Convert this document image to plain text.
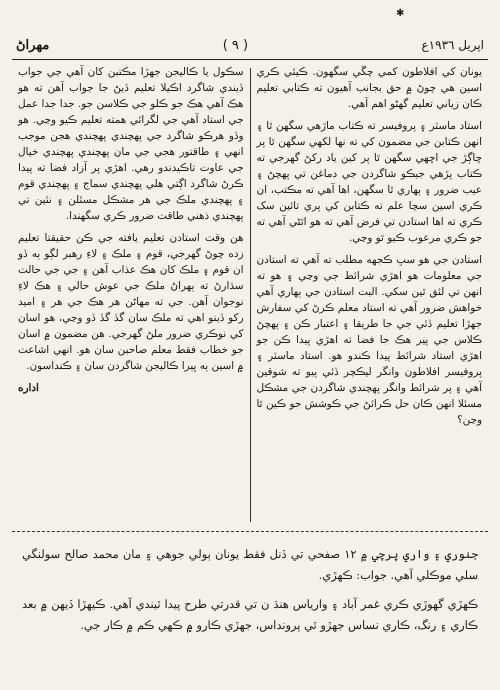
✱
مهراڻ	( ٩ )	اپريل ١٩٣٦ع

سڪول يا ڪاليجن جهڙا مڪتبن کان آهي جي جواب ڏيندي شاگرد اڪيلا تعليم ڏيڻ جا جواب آهن ته هو هڪ آهي هڪ جو ڪلو جي ڪلاسن جو. جدا جدا عمل جي استاد آهي جي لگرائي همته تعليم ڪيو وڃي. هو وڏو هرڪو شاگرد جي پهچندي پهچندي هجن موجب انهي ۽ طاقتور هجي جي مان پهچندي پهچندي خيال جي عاوت تاڪيدندو رهي. اهڙي پر آزاد فضا ته پيدا ڪرڻ شاگرد اڳتي هلي پهچندي سماج ۽ پهچندي قوم ۽ پهچندي ملڪ جي هر مشڪل مسئلن ۽ نئين تي پهچندي ذهني طاقت ضرور ڪري سگهندا.

هن وقت استادن تعليم يافته جي ڪن حقيقتا تعليم زده چوڻ گهرجي، قوم ۽ ملڪ ۽ لاءِ رهبر لڳو ٻه ڏو ان قوم ۽ ملڪ کان هڪ عذاب آهن ۽ جي جي حالت سڌارڻ ته ٻهراڻ ملڪ جي عوش حالي ۽ هڪ لاءِ نوجوان آهن. جي ته مهاڻن هر هڪ جي هر ۽ اميد رکو ڏينو اهي ته ملڪ سان گڏ گڏ ڏو وڃي، هو اسان کي نوڪري ضرور ملڻ گهرجي. هن مضمون ۾ اسان جو خطاب فقط معلم صاحبن سان هو. انهي اشاعت ۾ اسين ٻه ڀيرا ڪاليجن شاگردن سان ۽ ڪنداسون.

اداره

يونان کي افلاطون کمي چڱي سگهون. ڪيئي ڪري اسين هي چوڻ ۾ حق بجانب آهيون ته ڪتابي تعليم ڪان زياني تعليم گهڻو اهم آهي.

استاد ماسٽر ۽ پروفيسر ته ڪتاب ماڙهي سگهن ٿا ۽ انهن ڪتابن جي مضمون کي ته نها لکهي سگهن ٿا پر ڇاڳڙ جي اڇهي سگهن ٿا پر کين ياد رکڻ گهرجي ته ڪتاب پڙهي جيڪو شاگردن جي دماغن تي پهچڻ ۽ عيب ضرور ۽ ٻهاري ٿا سگهن، اها آهي ته مڪتب، ان ڪري اسين سچا علم ته ڪتابن کي پري تائين سک ڪري ته اها استادن تي فرض آهي ته هو اٿڻي آهي ته جو ڪري مرعوب ڪيو ٿو وڃي.

استادن جي هو سڀ ڪجهه مطلب ته آهي ته استادن جي معلومات هو اهڙي شرائط جي وڃي ۽ هو ته انهن تي لئق ٿين سکي. البت استادن جي ٻهاري آهي خواهش ضرور آهي ته استاد معلم ڪرڻ کي سفارش جهڙا تعليم ڏئي جي جا طريقا ۽ اعتبار ڪن ۽ پهچڻ ڪلاس جي پير هڪ جا فضا ته اهڙي پيدا ڪن جو اهڙي استاد شرائط پيدا ڪندو هو. استاد ماسٽر ۽ پروفيسر افلاطون وانگر ليڪچر ڏئي پيو ته شوقين آهي ۽ پر شرائط وانگر پهچندي شاگردن جي مشڪل مسئلا انهن ڪان حل ڪرائڻ جي ڪوشش جو ڪين ٿا وڃن؟

جنوري ۽ واري پرچي ۾ ١٢ صفحي تي ڏنل فقط يونان ٻولي جوهي ۽ مان محمد صالح سولنگي سلي موڪلي آهي. جواب: ڪهڙي.

ڪهڙي گهوڙي ڪري غمر آباد ۽ وارياس هنڌ ن تي قدرتي طرح پيدا ٿيندي آهي. ڪيهڙا ڏيهن ۾ بعد ڪاري ۽ رنگ، ڪاري نساس جهڙو ٿي پرونداس، جهڙي ڪارو ۾ ڪهي ڪم ۾ ڪار جي.
